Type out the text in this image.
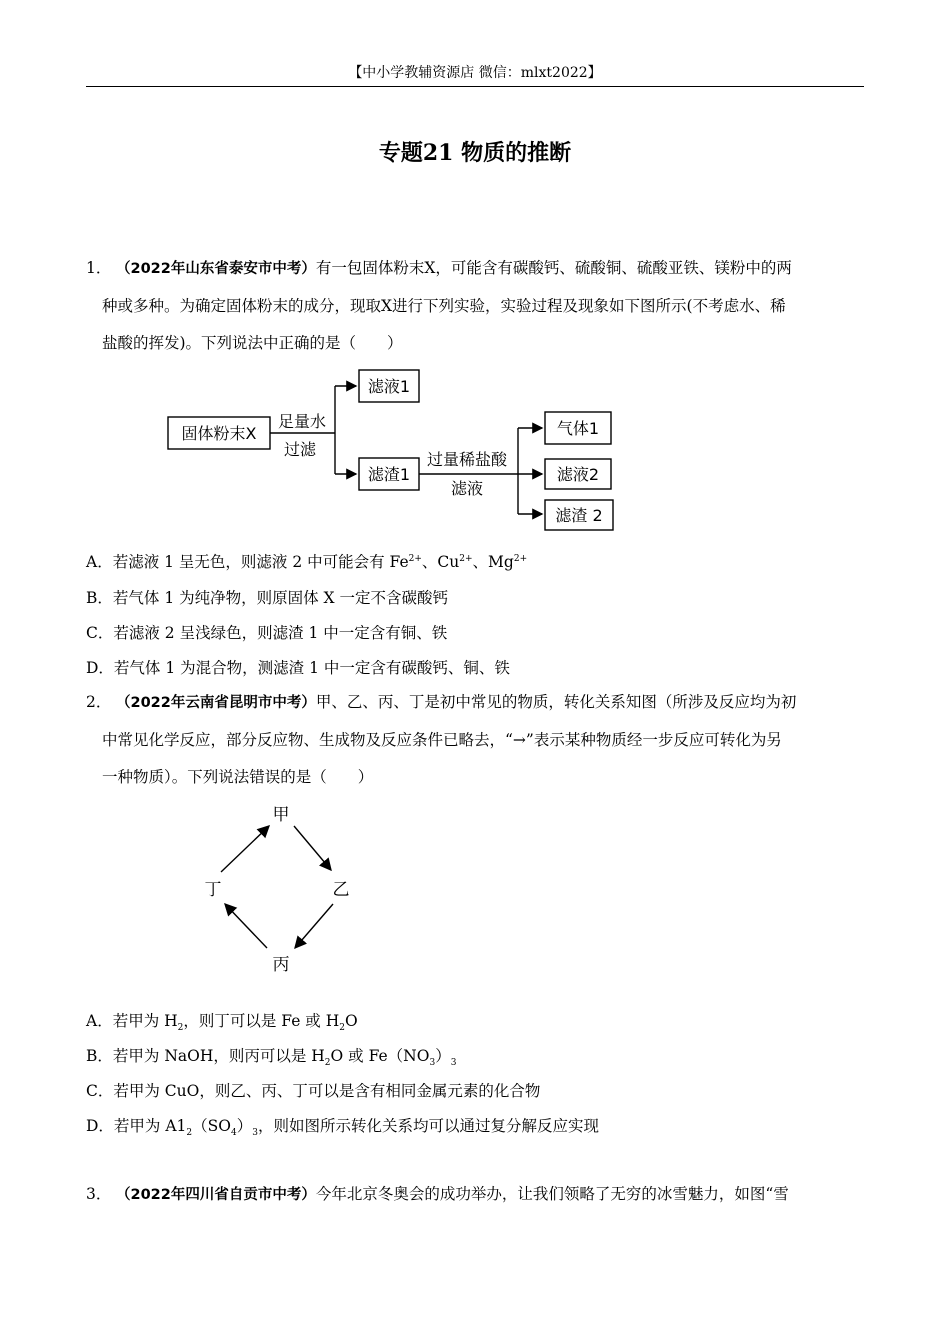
【中小学教辅资源店 微信：mlxt2022】
专题21 物质的推断
1． （2022年山东省泰安市中考）有一包固体粉末X，可能含有碳酸钙、硫酸铜、硫酸亚铁、镁粉中的两
种或多种。为确定固体粉末的成分，现取X进行下列实验，实验过程及现象如下图所示(不考虑水、稀
盐酸的挥发)。下列说法中正确的是（　　）
固体粉末X
足量水
过滤
滤液1
滤渣1
过量稀盐酸
滤液
气体1
滤液2
滤渣 2
A．若滤液 1 呈无色，则滤液 2 中可能会有 $Fe^{2+}$、$Cu^{2+}$、$Mg^{2+}$
B．若气体 1 为纯净物，则原固体 X 一定不含碳酸钙
C．若滤液 2 呈浅绿色，则滤渣 1 中一定含有铜、铁
D．若气体 1 为混合物，测滤渣 1 中一定含有碳酸钙、铜、铁
2． （2022年云南省昆明市中考）甲、乙、丙、丁是初中常见的物质，转化关系知图（所涉及反应均为初
中常见化学反应，部分反应物、生成物及反应条件已略去，“→”表示某种物质经一步反应可转化为另
一种物质）。下列说法错误的是（　　）
甲
乙
丙
丁
A．若甲为 $H_2$，则丁可以是 Fe 或 $H_2O$
B．若甲为 NaOH，则丙可以是 $H_2O$ 或 $Fe(NO_3)_3$
C．若甲为 CuO，则乙、丙、丁可以是含有相同金属元素的化合物
D．若甲为 $A1_2(SO_4)_3$，则如图所示转化关系均可以通过复分解反应实现
3． （2022年四川省自贡市中考）今年北京冬奥会的成功举办，让我们领略了无穷的冰雪魅力，如图“雪
